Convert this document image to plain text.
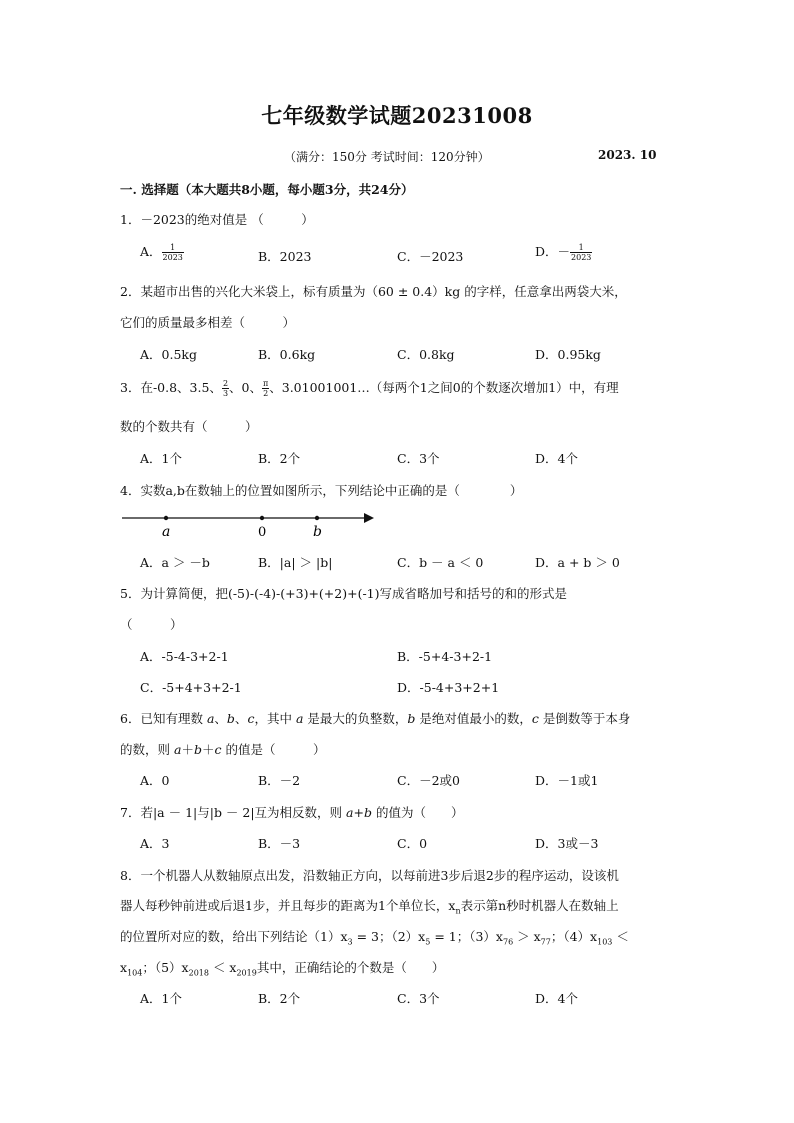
七年级数学试题20231008
（满分：150分 考试时间：120分钟）	2023. 10
一. 选择题（本大题共8小题，每小题3分，共24分）
1．－2023的绝对值是 （　　　）
A． $\frac{1}{2023}$	B．2023	C．－2023	D．－ $\frac{1}{2023}$
2．某超市出售的兴化大米袋上，标有质量为（60 ± 0.4）kg 的字样，任意拿出两袋大米，
它们的质量最多相差（　　　）
A．0.5kg	B．0.6kg	C．0.8kg	D．0.95kg
3．在-0.8、3.5、 $\frac{2}{3}$ 、0、 $\frac{\pi}{2}$ 、3.01001001…（每两个1之间0的个数逐次增加1）中，有理
数的个数共有（　　　）
A．1个	B．2个	C．3个	D．4个
4．实数a,b在数轴上的位置如图所示，下列结论中正确的是（　　　　）
a	0	b
A．a ＞ －b	B．|a| ＞ |b|	C．b － a ＜ 0	D．a + b ＞ 0
5．为计算简便，把(-5)-(-4)-(+3)+(+2)+(-1)写成省略加号和括号的和的形式是
（　　　）
A．-5-4-3+2-1	B．-5+4-3+2-1
C．-5+4+3+2-1	D．-5-4+3+2+1
6．已知有理数 a、b、c，其中 a 是最大的负整数，b 是绝对值最小的数，c 是倒数等于本身
的数，则 a＋b＋c 的值是（　　　）
A．0	B．－2	C．－2或0	D．－1或1
7．若|a － 1|与|b － 2|互为相反数，则 a+b 的值为（　　）
A．3	B．－3	C．0	D．3或－3
8．一个机器人从数轴原点出发，沿数轴正方向，以每前进3步后退2步的程序运动，设该机
器人每秒钟前进或后退1步，并且每步的距离为1个单位长，$x_n$表示第n秒时机器人在数轴上
的位置所对应的数，给出下列结论$(1)x_3 = 3$；$(2)x_5 = 1$；$(3)x_{76} > x_{77}$；$(4)x_{103}$ ＜
$x_{104}$；$(5)x_{2018} < x_{2019}$其中，正确结论的个数是（　　）
A．1个	B．2个	C．3个	D．4个
